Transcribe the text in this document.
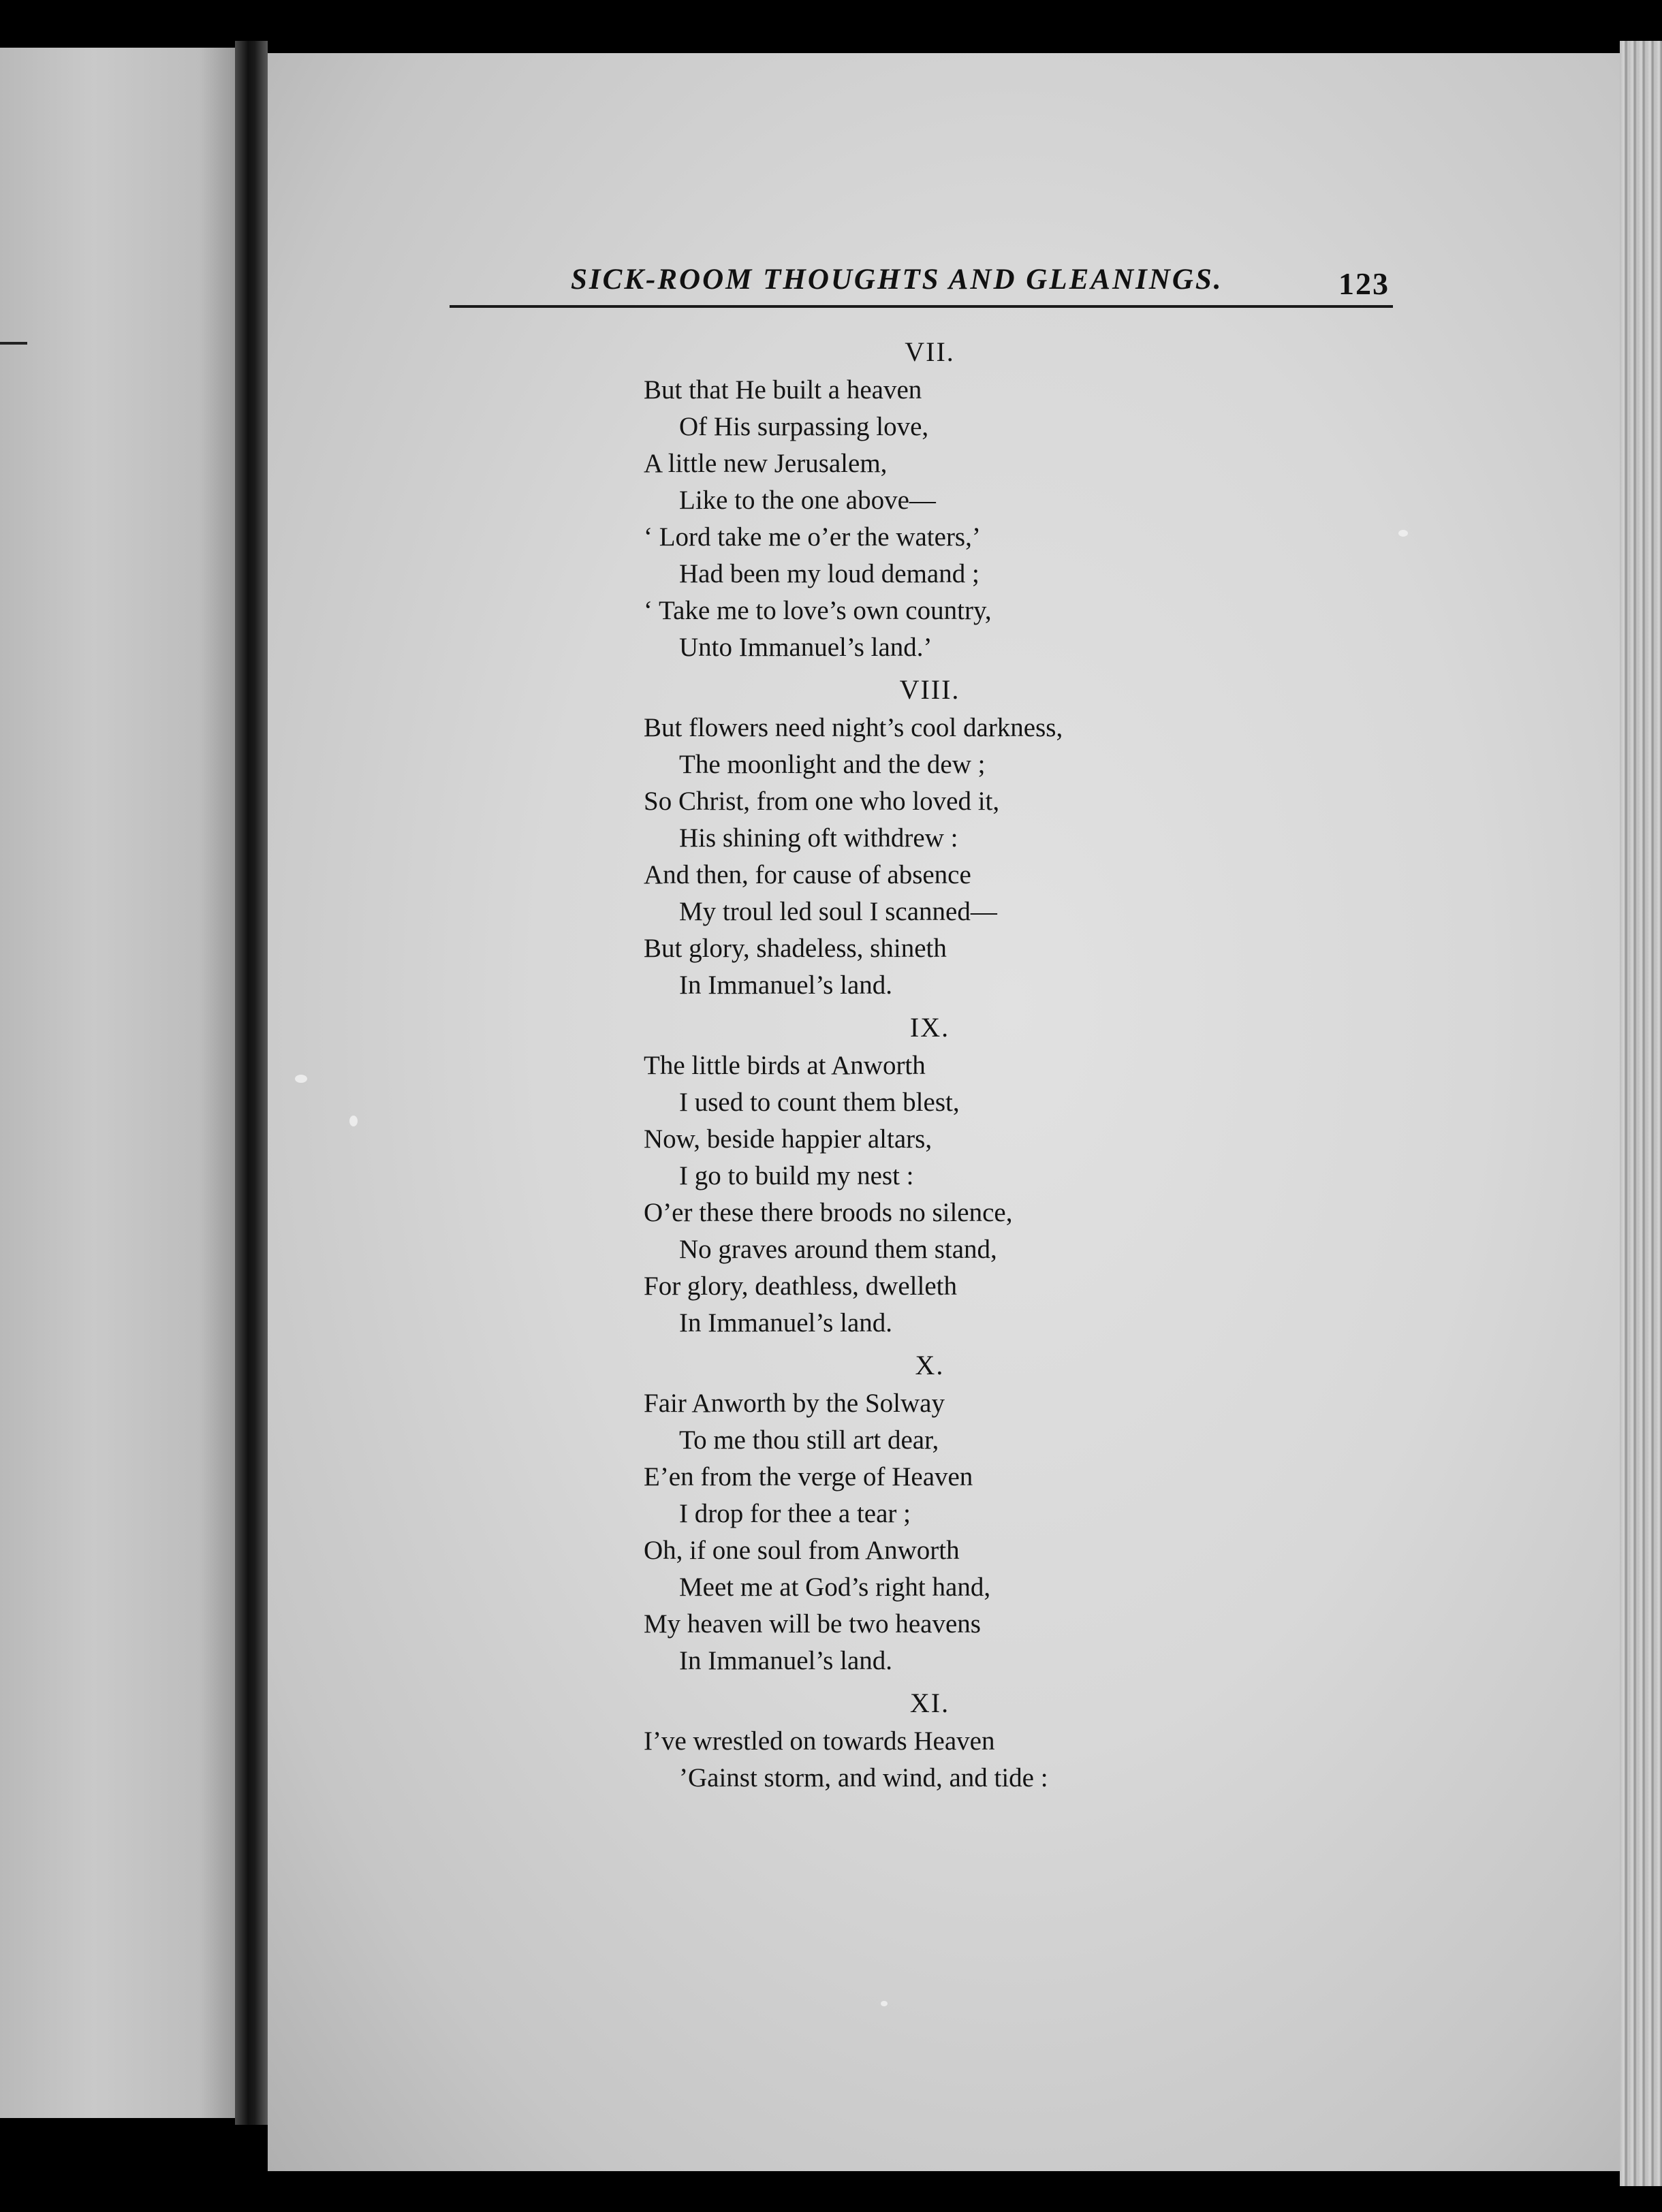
SICK-ROOM THOUGHTS AND GLEANINGS.	123
VII.
But that He built a heaven
Of His surpassing love,
A little new Jerusalem,
Like to the one above—
‘ Lord take me o’er the waters,’
Had been my loud demand ;
‘ Take me to love’s own country,
Unto Immanuel’s land.’
VIII.
But flowers need night’s cool darkness,
The moonlight and the dew ;
So Christ, from one who loved it,
His shining oft withdrew :
And then, for cause of absence
My troul led soul I scanned—
But glory, shadeless, shineth
In Immanuel’s land.
IX.
The little birds at Anworth
I used to count them blest,
Now, beside happier altars,
I go to build my nest :
O’er these there broods no silence,
No graves around them stand,
For glory, deathless, dwelleth
In Immanuel’s land.
X.
Fair Anworth by the Solway
To me thou still art dear,
E’en from the verge of Heaven
I drop for thee a tear ;
Oh, if one soul from Anworth
Meet me at God’s right hand,
My heaven will be two heavens
In Immanuel’s land.
XI.
I’ve wrestled on towards Heaven
’Gainst storm, and wind, and tide :
